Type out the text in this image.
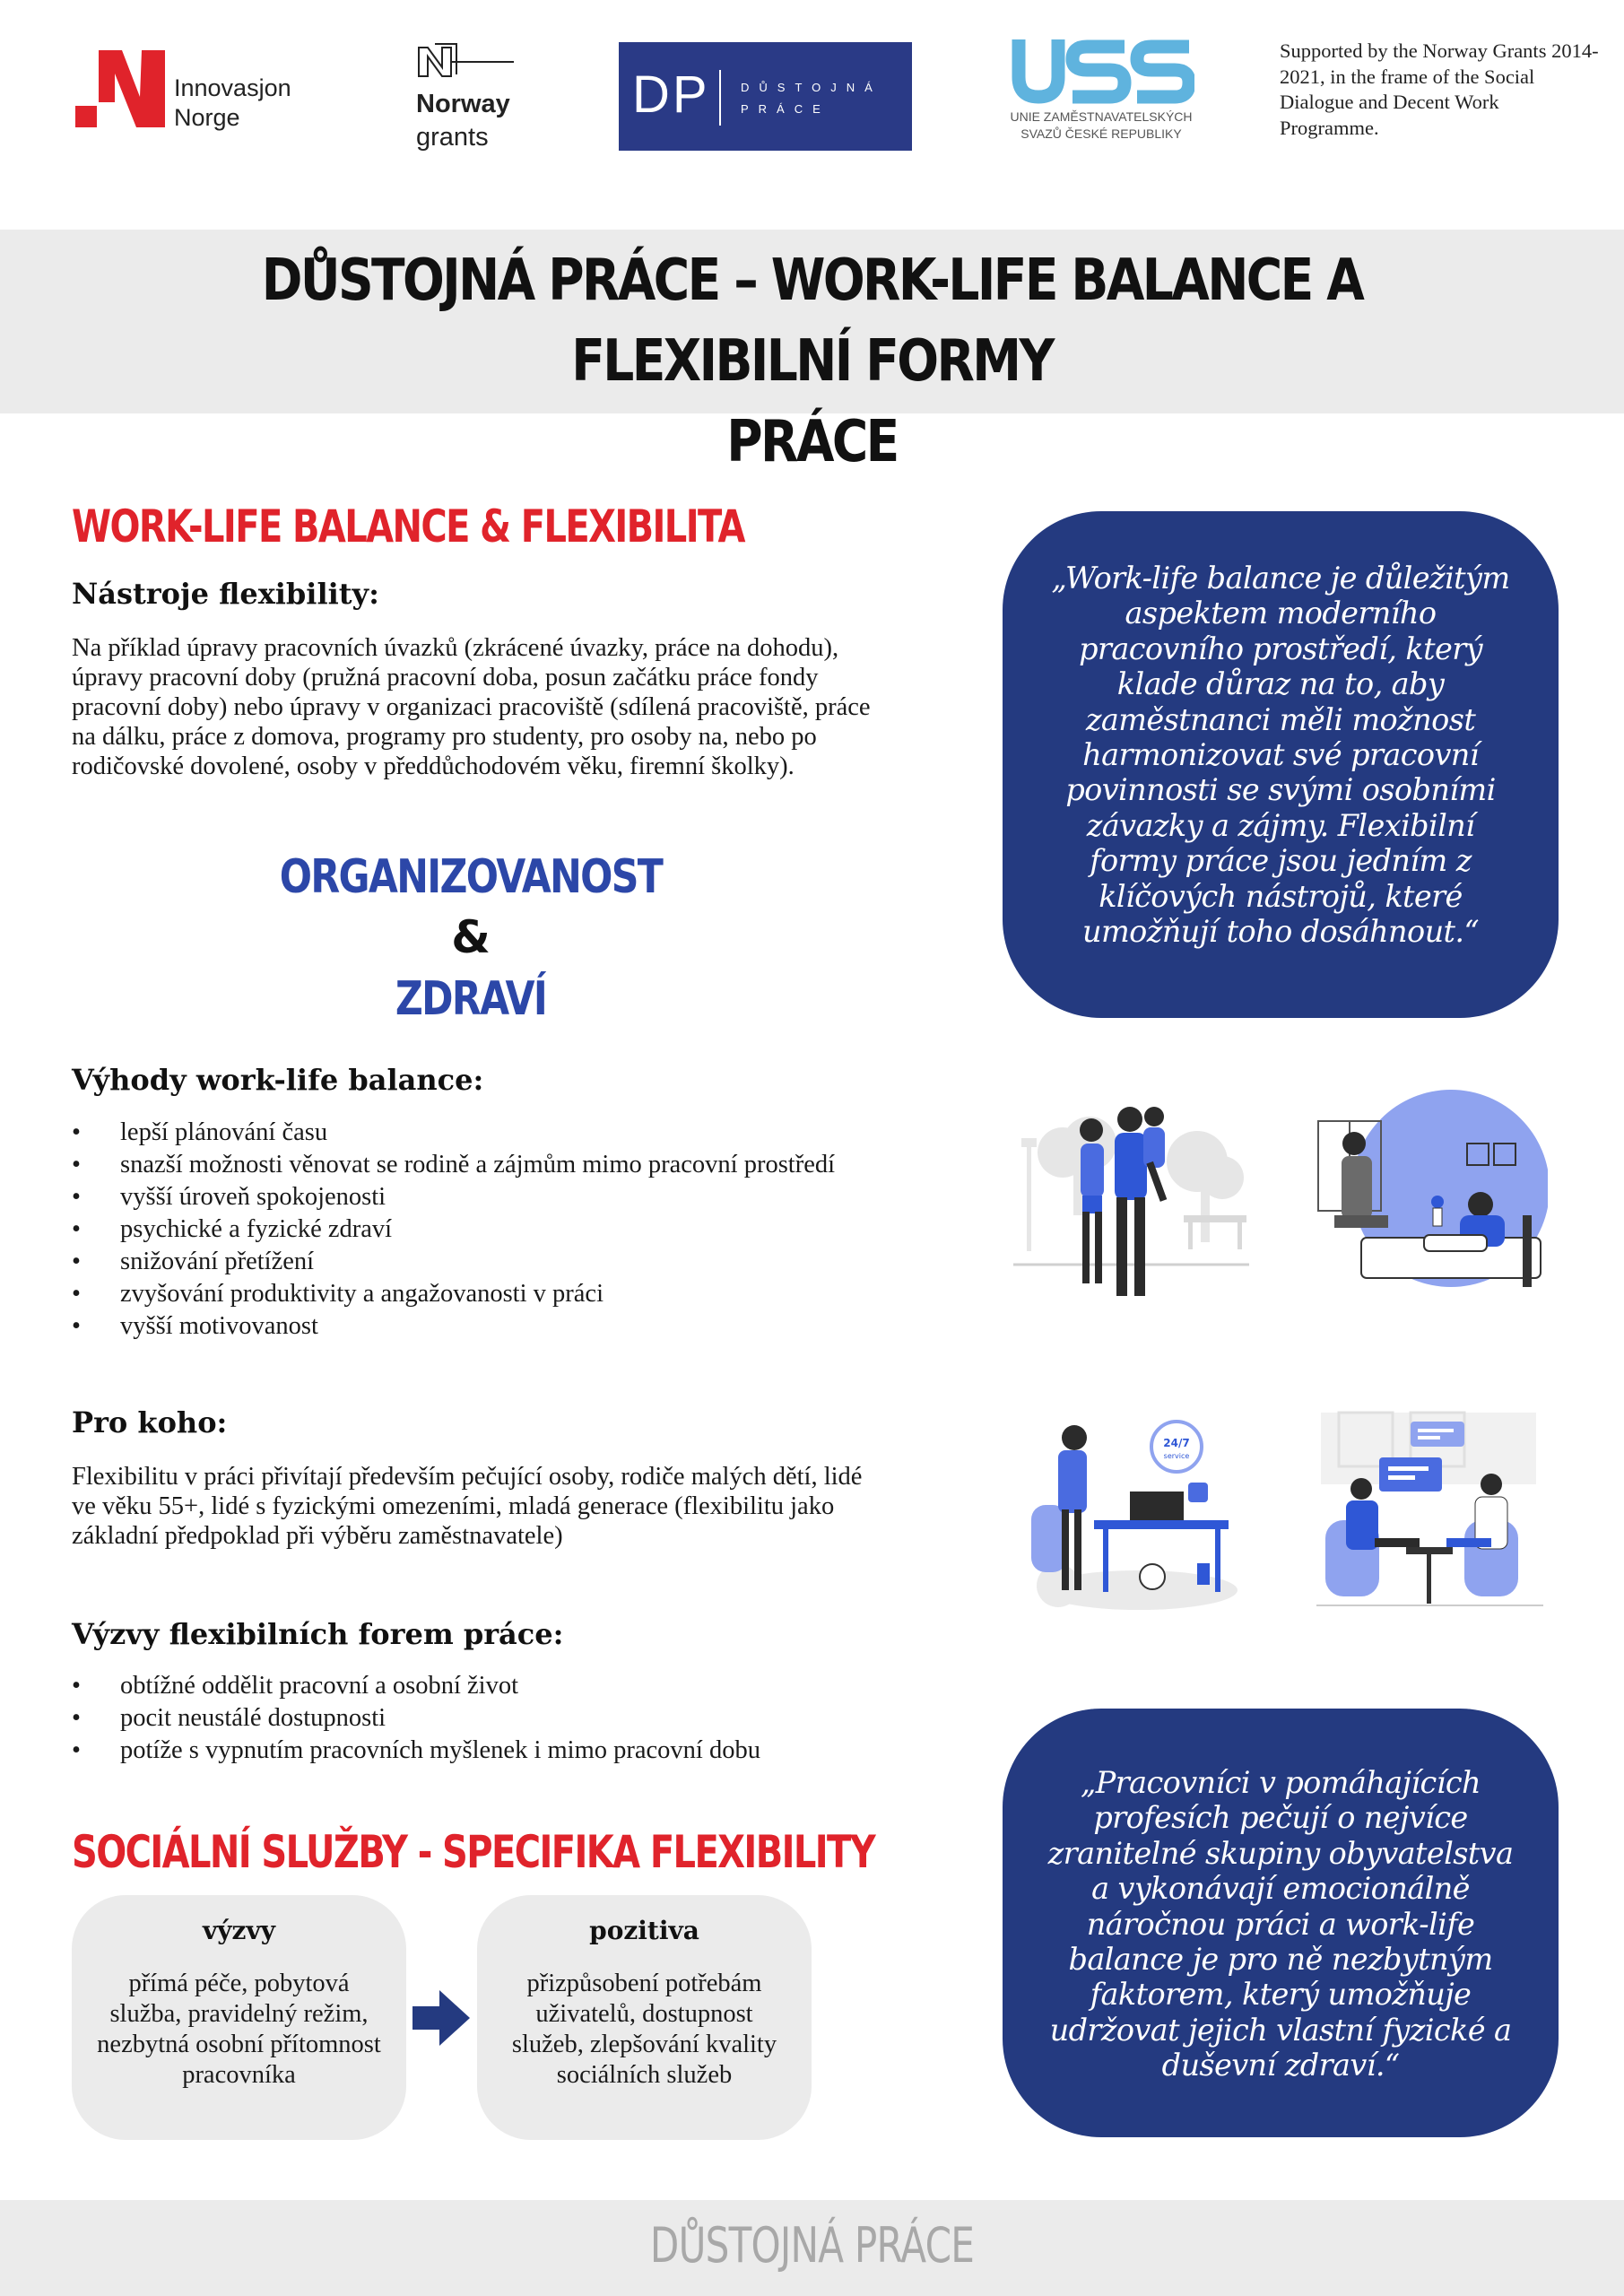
Innovasjon
Norge	Norway
grants
DP	DŮSTOJNÁ
PRÁCE
UNIE ZAMĚSTNAVATELSKÝCH
SVAZŮ ČESKÉ REPUBLIKY
Supported by the Norway Grants 2014-2021, in the frame of the Social Dialogue and Decent Work Programme.
DŮSTOJNÁ PRÁCE – WORK-LIFE BALANCE A FLEXIBILNÍ FORMY
PRÁCE
WORK-LIFE BALANCE & FLEXIBILITA
Nástroje flexibility:
Na příklad úpravy pracovních úvazků (zkrácené úvazky, práce na dohodu), úpravy pracovní doby (pružná pracovní doba, posun začátku práce fondy pracovní doby) nebo úpravy v organizaci pracoviště (sdílená pracoviště, práce na dálku, práce z domova, programy pro studenty, pro osoby na, nebo po rodičovské dovolené, osoby v předdůchodovém věku, firemní školky).
ORGANIZOVANOST
&
ZDRAVÍ
Výhody work-life balance:
• lepší plánování času
• snazší možnosti věnovat se rodině a zájmům mimo pracovní prostředí
• vyšší úroveň spokojenosti
• psychické a fyzické zdraví
• snižování přetížení
• zvyšování produktivity a angažovanosti v práci
• vyšší motivovanost
Pro koho:
Flexibilitu v práci přivítají především pečující osoby, rodiče malých dětí, lidé ve věku 55+, lidé s fyzickými omezeními, mladá generace (flexibilitu jako základní předpoklad při výběru zaměstnavatele)
Výzvy flexibilních forem práce:
• obtížné oddělit pracovní a osobní život
• pocit neustálé dostupnosti
• potíže s vypnutím pracovních myšlenek i mimo pracovní dobu
SOCIÁLNÍ SLUŽBY - SPECIFIKA FLEXIBILITY
výzvy
přímá péče, pobytová služba, pravidelný režim, nezbytná osobní přítomnost pracovníka
pozitiva
přizpůsobení potřebám uživatelů, dostupnost služeb, zlepšování kvality sociálních služeb
„Work-life balance je důležitým
aspektem moderního
pracovního prostředí, který
klade důraz na to, aby
zaměstnanci měli možnost
harmonizovat své pracovní
povinnosti se svými osobními
závazky a zájmy. Flexibilní
formy práce jsou jedním z
klíčových nástrojů, které
umožňují toho dosáhnout.“
„Pracovníci v pomáhajících
profesích pečují o nejvíce
zranitelné skupiny obyvatelstva
a vykonávají emocionálně
náročnou práci a work-life
balance je pro ně nezbytným
faktorem, který umožňuje
udržovat jejich vlastní fyzické a
duševní zdraví.“
24/7
service
DŮSTOJNÁ PRÁCE
